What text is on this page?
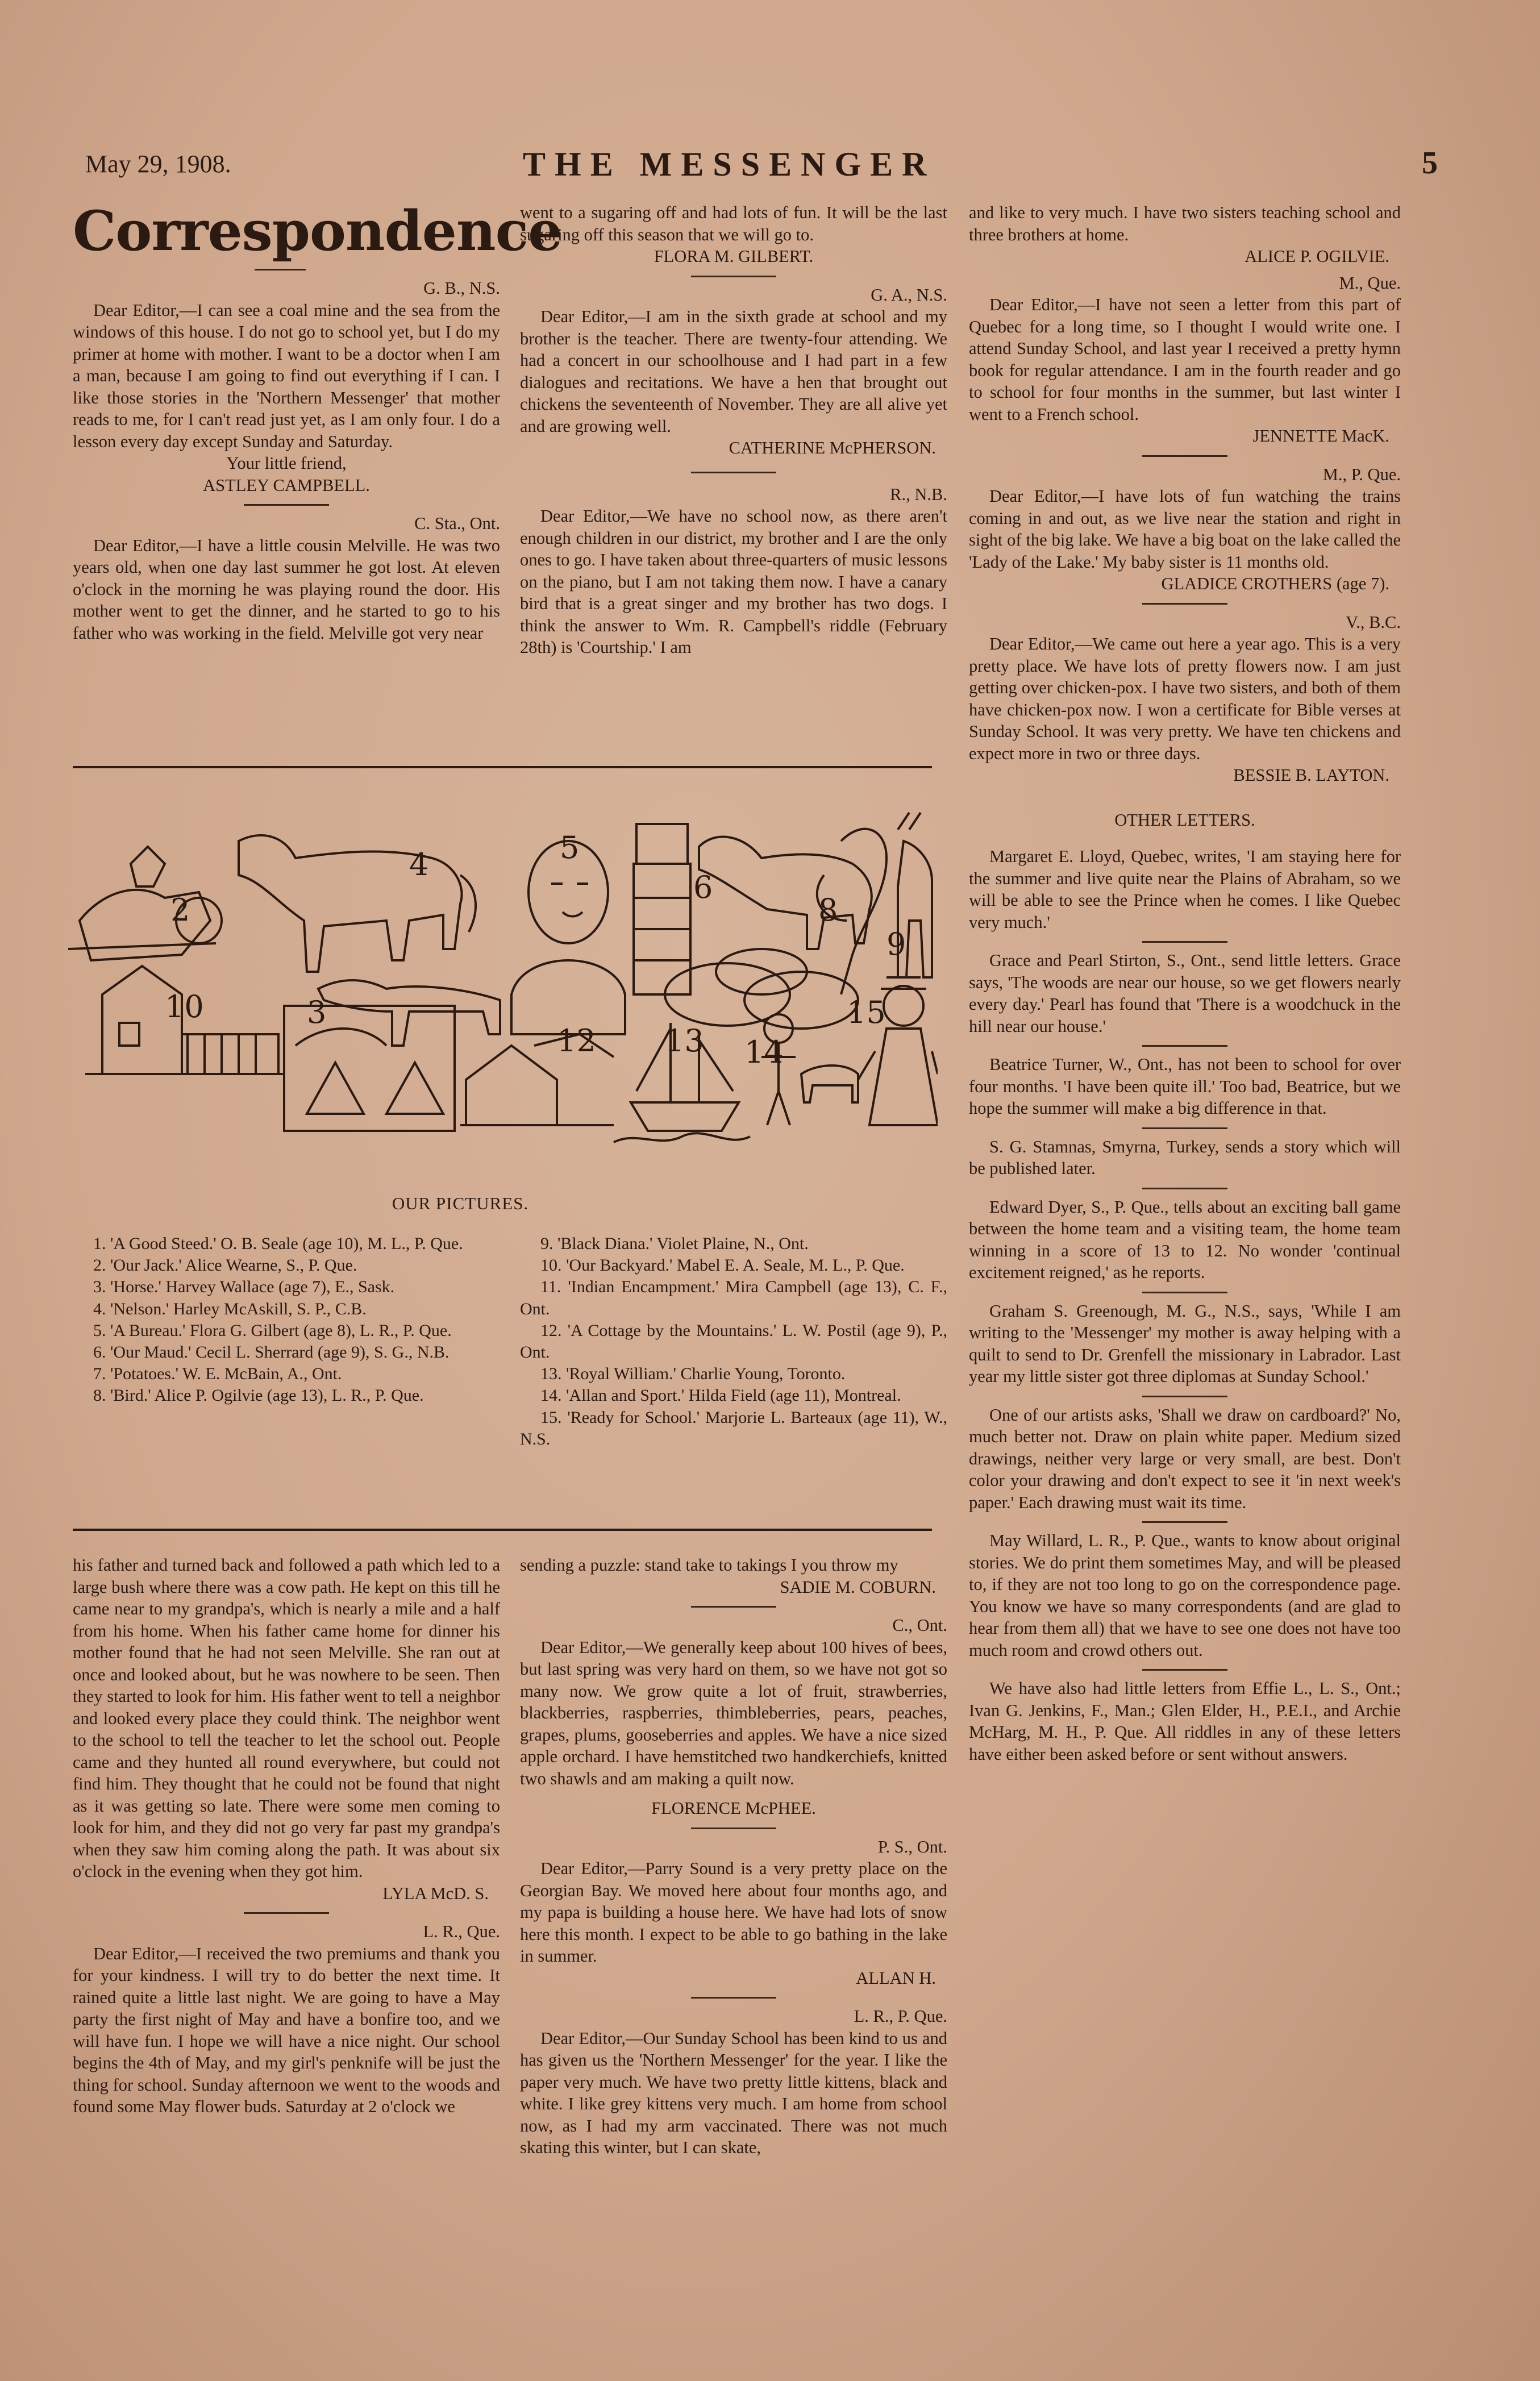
May 29, 1908.	THE MESSENGER	5
Correspondence

G. B., N.S.

Dear Editor,—I can see a coal mine and the sea from the windows of this house. I do not go to school yet, but I do my primer at home with mother. I want to be a doctor when I am a man, because I am going to find out everything if I can. I like those stories in the 'Northern Messenger' that mother reads to me, for I can't read just yet, as I am only four. I do a lesson every day except Sunday and Saturday.

Your little friend,

ASTLEY CAMPBELL.

C. Sta., Ont.

Dear Editor,—I have a little cousin Melville. He was two years old, when one day last summer he got lost. At eleven o'clock in the morning he was playing round the door. His mother went to get the dinner, and he started to go to his father who was working in the field. Melville got very near

went to a sugaring off and had lots of fun. It will be the last sugaring off this season that we will go to.

FLORA M. GILBERT.

G. A., N.S.

Dear Editor,—I am in the sixth grade at school and my brother is the teacher. There are twenty-four attending. We had a concert in our schoolhouse and I had part in a few dialogues and recitations. We have a hen that brought out chickens the seventeenth of November. They are all alive yet and are growing well.

CATHERINE McPHERSON.

R., N.B.

Dear Editor,—We have no school now, as there aren't enough children in our district, my brother and I are the only ones to go. I have taken about three-quarters of music lessons on the piano, but I am not taking them now. I have a canary bird that is a great singer and my brother has two dogs. I think the answer to Wm. R. Campbell's riddle (February 28th) is 'Courtship.' I am

and like to very much. I have two sisters teaching school and three brothers at home.

ALICE P. OGILVIE.

M., Que.

Dear Editor,—I have not seen a letter from this part of Quebec for a long time, so I thought I would write one. I attend Sunday School, and last year I received a pretty hymn book for regular attendance. I am in the fourth reader and go to school for four months in the summer, but last winter I went to a French school.

JENNETTE MacK.

M., P. Que.

Dear Editor,—I have lots of fun watching the trains coming in and out, as we live near the station and right in sight of the big lake. We have a big boat on the lake called the 'Lady of the Lake.' My baby sister is 11 months old.

GLADICE CROTHERS (age 7).

V., B.C.

Dear Editor,—We came out here a year ago. This is a very pretty place. We have lots of pretty flowers now. I am just getting over chicken-pox. I have two sisters, and both of them have chicken-pox now. I won a certificate for Bible verses at Sunday School. It was very pretty. We have ten chickens and expect more in two or three days.

BESSIE B. LAYTON.

OTHER LETTERS.

Margaret E. Lloyd, Quebec, writes, 'I am staying here for the summer and live quite near the Plains of Abraham, so we will be able to see the Prince when he comes. I like Quebec very much.'

Grace and Pearl Stirton, S., Ont., send little letters. Grace says, 'The woods are near our house, so we get flowers nearly every day.' Pearl has found that 'There is a woodchuck in the hill near our house.'

Beatrice Turner, W., Ont., has not been to school for over four months. 'I have been quite ill.' Too bad, Beatrice, but we hope the summer will make a big difference in that.

S. G. Stamnas, Smyrna, Turkey, sends a story which will be published later.

Edward Dyer, S., P. Que., tells about an exciting ball game between the home team and a visiting team, the home team winning in a score of 13 to 12. No wonder 'continual excitement reigned,' as he reports.

Graham S. Greenough, M. G., N.S., says, 'While I am writing to the 'Messenger' my mother is away helping with a quilt to send to Dr. Grenfell the missionary in Labrador. Last year my little sister got three diplomas at Sunday School.'

One of our artists asks, 'Shall we draw on cardboard?' No, much better not. Draw on plain white paper. Medium sized drawings, neither very large or very small, are best. Don't color your drawing and don't expect to see it 'in next week's paper.' Each drawing must wait its time.

May Willard, L. R., P. Que., wants to know about original stories. We do print them sometimes May, and will be pleased to, if they are not too long to go on the correspondence page. You know we have so many correspondents (and are glad to hear from them all) that we have to see one does not have too much room and crowd others out.

We have also had little letters from Effie L., L. S., Ont.; Ivan G. Jenkins, F., Man.; Glen Elder, H., P.E.I., and Archie McHarg, M. H., P. Que. All riddles in any of these letters have either been asked before or sent without answers.

2
3
4	5
6
8
9
10
12 13 14
15
OUR PICTURES.

1. 'A Good Steed.' O. B. Seale (age 10), M. L., P. Que.

2. 'Our Jack.' Alice Wearne, S., P. Que.

3. 'Horse.' Harvey Wallace (age 7), E., Sask.

4. 'Nelson.' Harley McAskill, S. P., C.B.

5. 'A Bureau.' Flora G. Gilbert (age 8), L. R., P. Que.

6. 'Our Maud.' Cecil L. Sherrard (age 9), S. G., N.B.

7. 'Potatoes.' W. E. McBain, A., Ont.

8. 'Bird.' Alice P. Ogilvie (age 13), L. R., P. Que.

9. 'Black Diana.' Violet Plaine, N., Ont.

10. 'Our Backyard.' Mabel E. A. Seale, M. L., P. Que.

11. 'Indian Encampment.' Mira Campbell (age 13), C. F., Ont.

12. 'A Cottage by the Mountains.' L. W. Postil (age 9), P., Ont.

13. 'Royal William.' Charlie Young, Toronto.

14. 'Allan and Sport.' Hilda Field (age 11), Montreal.

15. 'Ready for School.' Marjorie L. Barteaux (age 11), W., N.S.

his father and turned back and followed a path which led to a large bush where there was a cow path. He kept on this till he came near to my grandpa's, which is nearly a mile and a half from his home. When his father came home for dinner his mother found that he had not seen Melville. She ran out at once and looked about, but he was nowhere to be seen. Then they started to look for him. His father went to tell a neighbor and looked every place they could think. The neighbor went to the school to tell the teacher to let the school out. People came and they hunted all round everywhere, but could not find him. They thought that he could not be found that night as it was getting so late. There were some men coming to look for him, and they did not go very far past my grandpa's when they saw him coming along the path. It was about six o'clock in the evening when they got him.

LYLA McD. S.

L. R., Que.

Dear Editor,—I received the two premiums and thank you for your kindness. I will try to do better the next time. It rained quite a little last night. We are going to have a May party the first night of May and have a bonfire too, and we will have fun. I hope we will have a nice night. Our school begins the 4th of May, and my girl's penknife will be just the thing for school. Sunday afternoon we went to the woods and found some May flower buds. Saturday at 2 o'clock we

sending a puzzle: stand take to takings I you throw my

SADIE M. COBURN.

C., Ont.

Dear Editor,—We generally keep about 100 hives of bees, but last spring was very hard on them, so we have not got so many now. We grow quite a lot of fruit, strawberries, blackberries, raspberries, thimbleberries, pears, peaches, grapes, plums, gooseberries and apples. We have a nice sized apple orchard. I have hemstitched two handkerchiefs, knitted two shawls and am making a quilt now.

FLORENCE McPHEE.

P. S., Ont.

Dear Editor,—Parry Sound is a very pretty place on the Georgian Bay. We moved here about four months ago, and my papa is building a house here. We have had lots of snow here this month. I expect to be able to go bathing in the lake in summer.

ALLAN H.

L. R., P. Que.

Dear Editor,—Our Sunday School has been kind to us and has given us the 'Northern Messenger' for the year. I like the paper very much. We have two pretty little kittens, black and white. I like grey kittens very much. I am home from school now, as I had my arm vaccinated. There was not much skating this winter, but I can skate,
